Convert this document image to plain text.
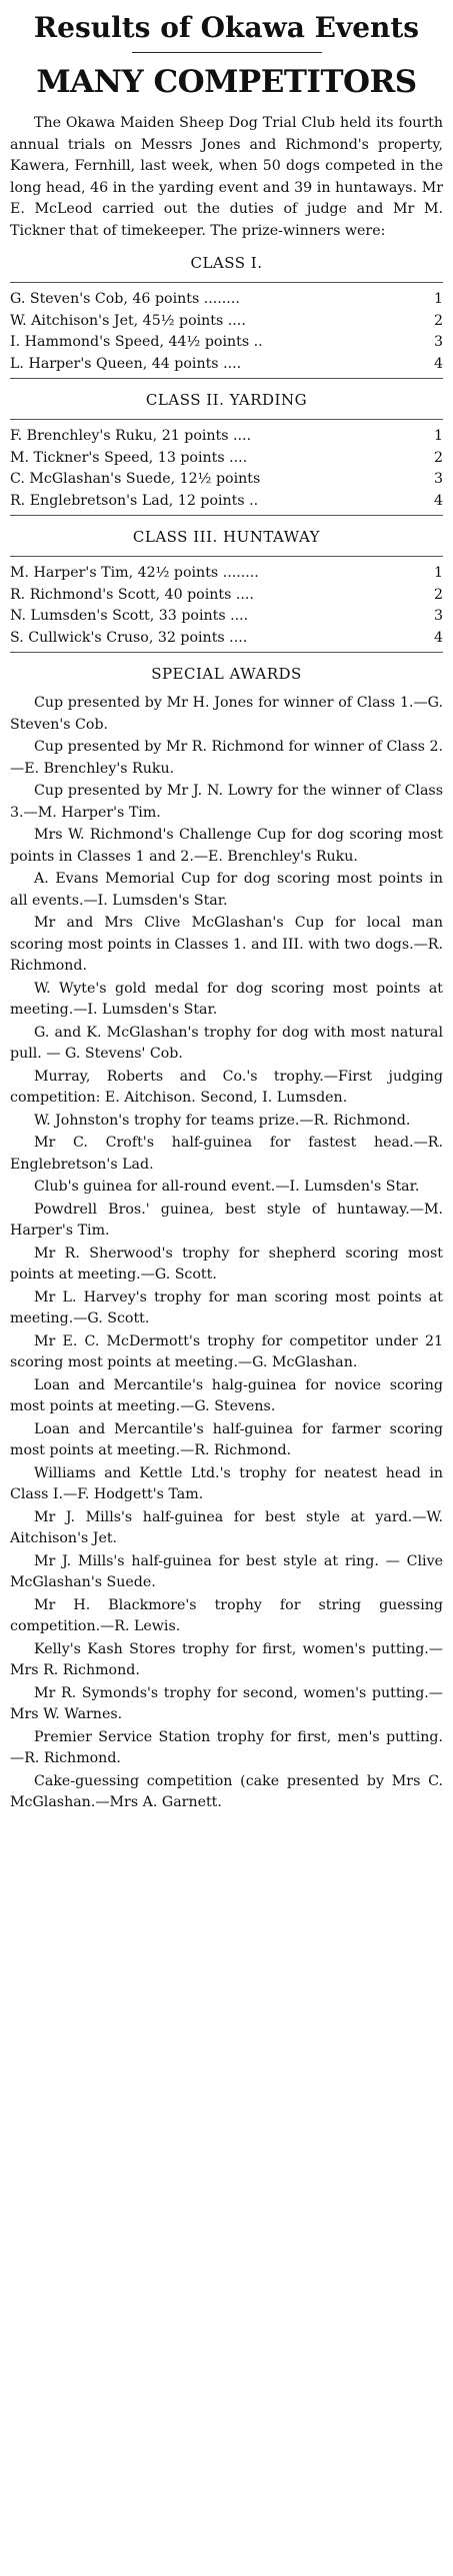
Results of Okawa Events
MANY COMPETITORS

The Okawa Maiden Sheep Dog Trial Club held its fourth annual trials on Messrs Jones and Richmond's property, Kawera, Fernhill, last week, when 50 dogs competed in the long head, 46 in the yarding event and 39 in huntaways. Mr E. McLeod carried out the duties of judge and Mr M. Tickner that of timekeeper. The prize-winners were:

CLASS I.
G. Steven's Cob, 46 points ........	1
W. Aitchison's Jet, 45½ points ....	2
I. Hammond's Speed, 44½ points ..	3
L. Harper's Queen, 44 points ....	4
CLASS II. YARDING
F. Brenchley's Ruku, 21 points ....	1
M. Tickner's Speed, 13 points ....	2
C. McGlashan's Suede, 12½ points	3
R. Englebretson's Lad, 12 points ..	4
CLASS III. HUNTAWAY
M. Harper's Tim, 42½ points ........	1
R. Richmond's Scott, 40 points ....	2
N. Lumsden's Scott, 33 points ....	3
S. Cullwick's Cruso, 32 points ....	4
SPECIAL AWARDS

Cup presented by Mr H. Jones for winner of Class 1.—G. Steven's Cob.

Cup presented by Mr R. Richmond for winner of Class 2.—E. Brenchley's Ruku.

Cup presented by Mr J. N. Lowry for the winner of Class 3.—M. Harper's Tim.

Mrs W. Richmond's Challenge Cup for dog scoring most points in Classes 1 and 2.—E. Brenchley's Ruku.

A. Evans Memorial Cup for dog scoring most points in all events.—I. Lumsden's Star.

Mr and Mrs Clive McGlashan's Cup for local man scoring most points in Classes 1. and III. with two dogs.—R. Richmond.

W. Wyte's gold medal for dog scoring most points at meeting.—I. Lumsden's Star.

G. and K. McGlashan's trophy for dog with most natural pull. — G. Stevens' Cob.

Murray, Roberts and Co.'s trophy.—First judging competition: E. Aitchison. Second, I. Lumsden.

W. Johnston's trophy for teams prize.—R. Richmond.

Mr C. Croft's half-guinea for fastest head.—R. Englebretson's Lad.

Club's guinea for all-round event.—I. Lumsden's Star.

Powdrell Bros.' guinea, best style of huntaway.—M. Harper's Tim.

Mr R. Sherwood's trophy for shepherd scoring most points at meeting.—G. Scott.

Mr L. Harvey's trophy for man scoring most points at meeting.—G. Scott.

Mr E. C. McDermott's trophy for competitor under 21 scoring most points at meeting.—G. McGlashan.

Loan and Mercantile's halg-guinea for novice scoring most points at meeting.—G. Stevens.

Loan and Mercantile's half-guinea for farmer scoring most points at meeting.—R. Richmond.

Williams and Kettle Ltd.'s trophy for neatest head in Class I.—F. Hodgett's Tam.

Mr J. Mills's half-guinea for best style at yard.—W. Aitchison's Jet.

Mr J. Mills's half-guinea for best style at ring. — Clive McGlashan's Suede.

Mr H. Blackmore's trophy for string guessing competition.—R. Lewis.

Kelly's Kash Stores trophy for first, women's putting.—Mrs R. Richmond.

Mr R. Symonds's trophy for second, women's putting.—Mrs W. Warnes.

Premier Service Station trophy for first, men's putting.—R. Richmond.

Cake-guessing competition (cake presented by Mrs C. McGlashan.—Mrs A. Garnett.
